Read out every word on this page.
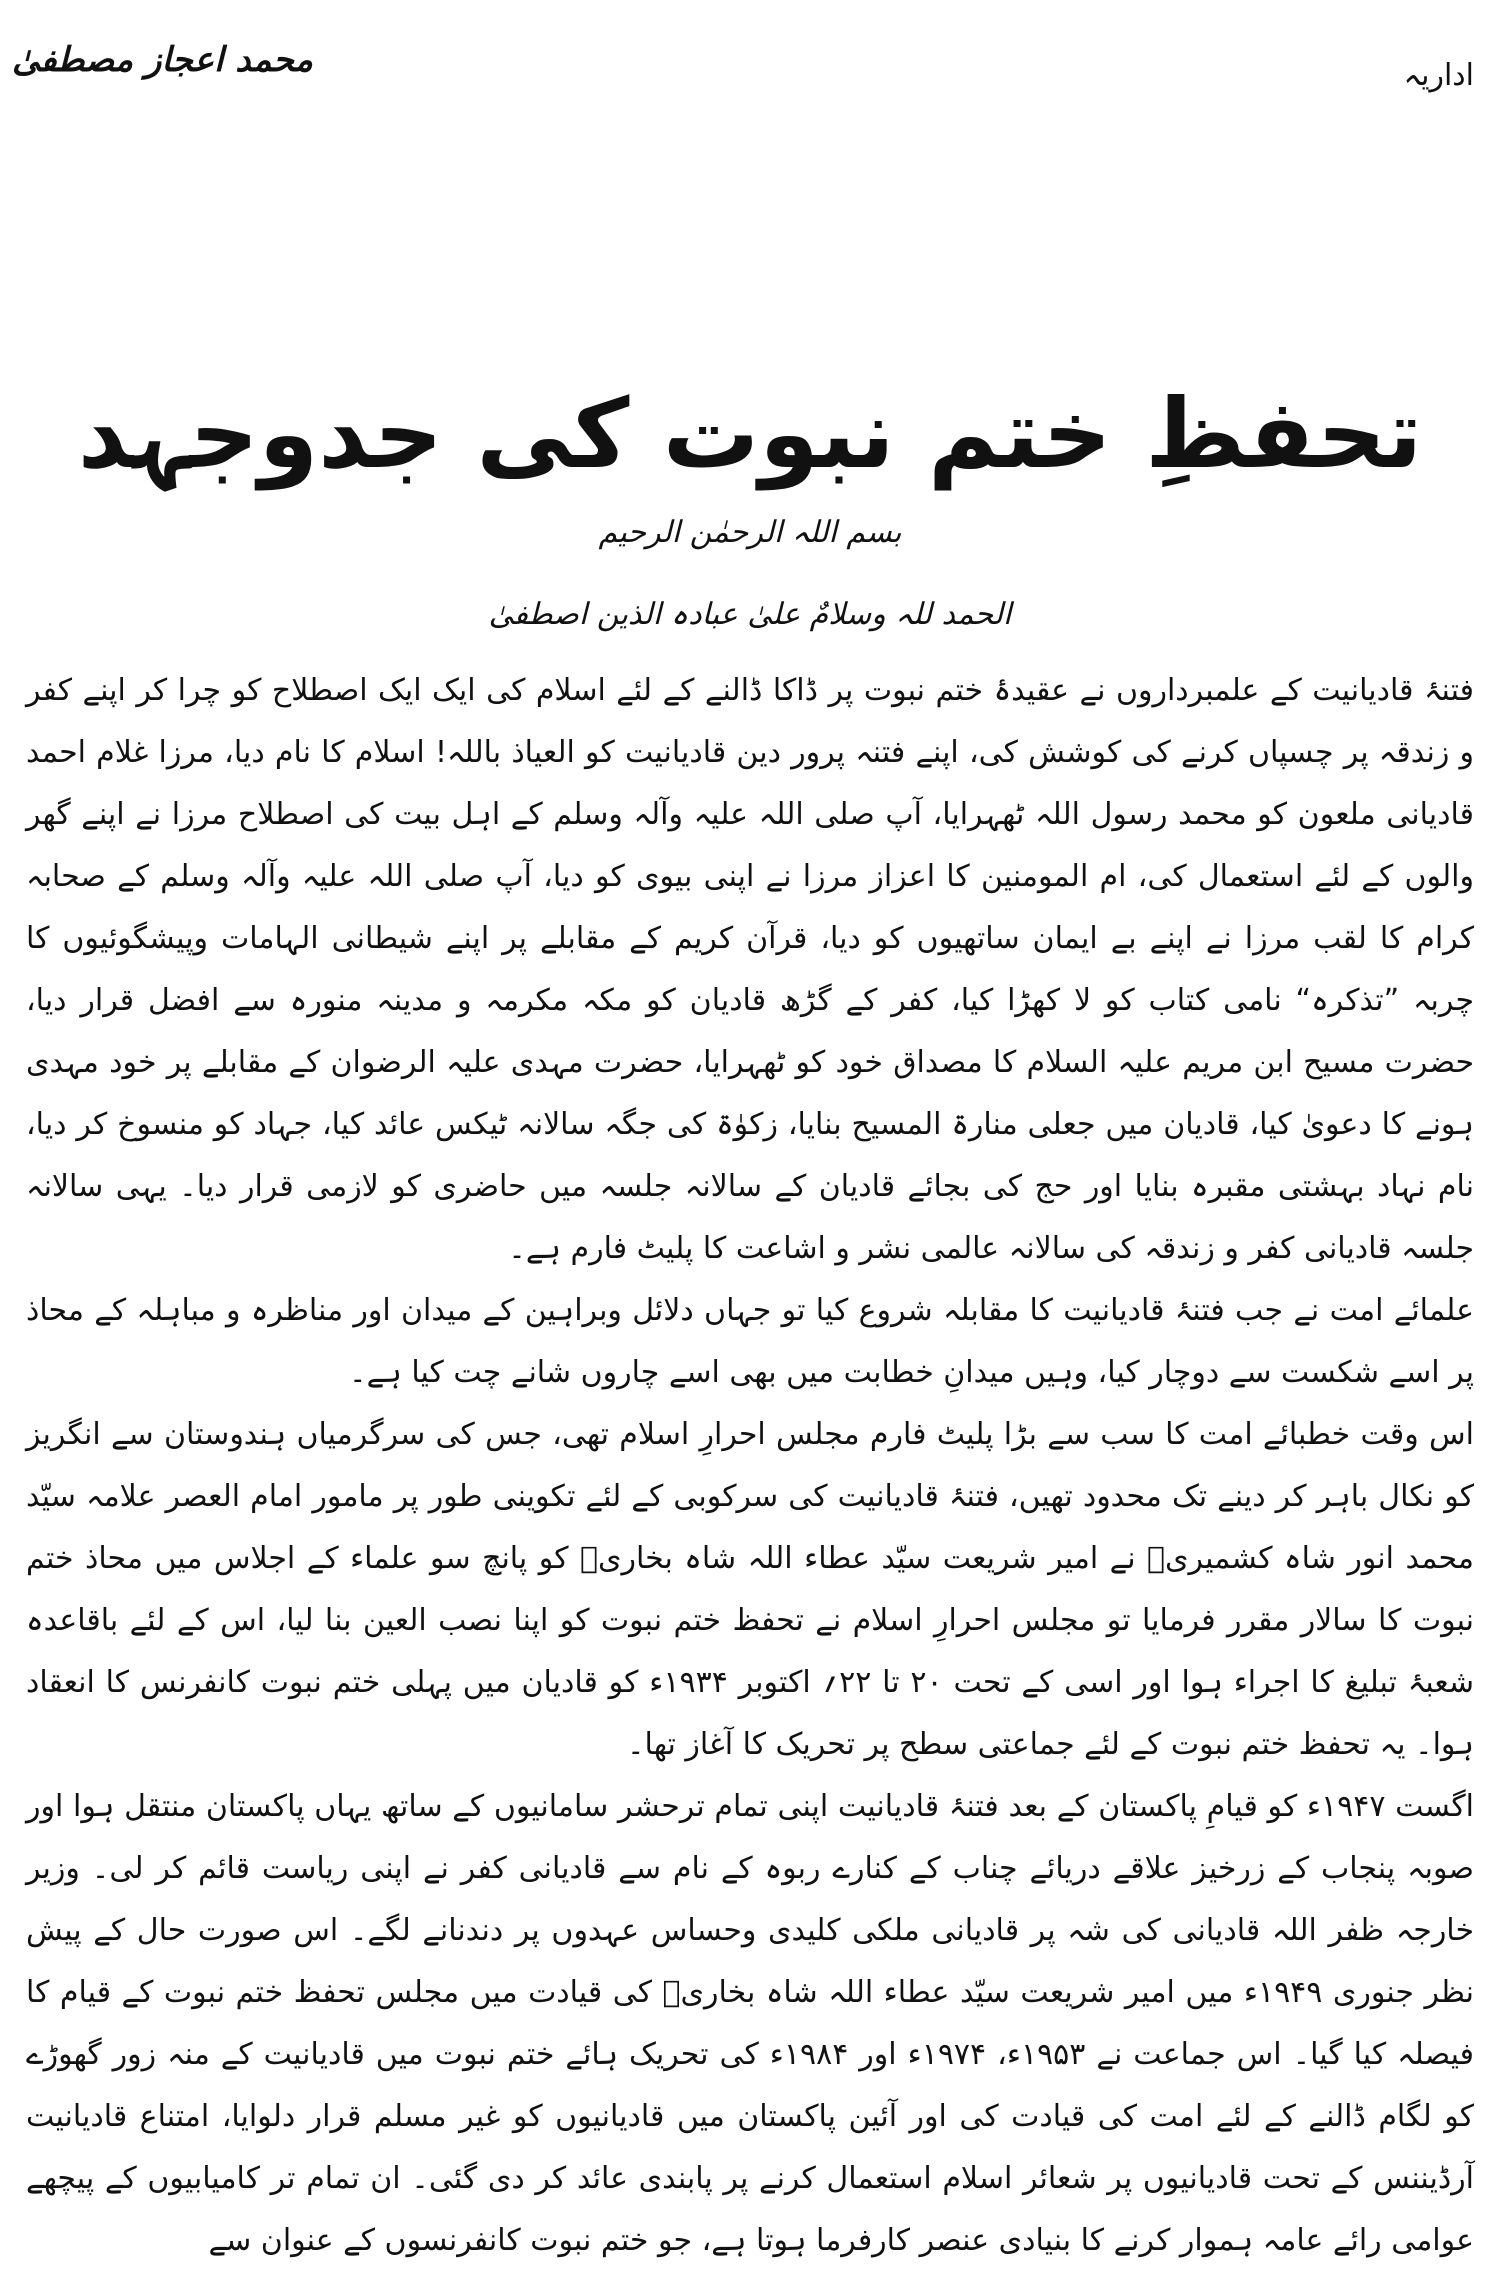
اداریہ
محمد اعجاز مصطفیٰ
تحفظِ ختم نبوت کی جدوجہد
بسم اللہ الرحمٰن الرحیم
الحمد للہ وسلامٌ علیٰ عبادہ الذین اصطفیٰ

فتنۂ قادیانیت کے علمبرداروں نے عقیدۂ ختم نبوت پر ڈاکا ڈالنے کے لئے اسلام کی ایک ایک اصطلاح کو چرا کر اپنے کفر و زندقہ پر چسپاں کرنے کی کوشش کی، اپنے فتنہ پرور دین قادیانیت کو العیاذ باللہ! اسلام کا نام دیا، مرزا غلام احمد قادیانی ملعون کو محمد رسول اللہ ٹھہرایا، آپ صلی اللہ علیہ وآلہ وسلم کے اہل بیت کی اصطلاح مرزا نے اپنے گھر والوں کے لئے استعمال کی، ام المومنین کا اعزاز مرزا نے اپنی بیوی کو دیا، آپ صلی اللہ علیہ وآلہ وسلم کے صحابہ کرام کا لقب مرزا نے اپنے بے ایمان ساتھیوں کو دیا، قرآن کریم کے مقابلے پر اپنے شیطانی الہامات وپیشگوئیوں کا چربہ ”تذکرہ“ نامی کتاب کو لا کھڑا کیا، کفر کے گڑھ قادیان کو مکہ مکرمہ و مدینہ منورہ سے افضل قرار دیا، حضرت مسیح ابن مریم علیہ السلام کا مصداق خود کو ٹھہرایا، حضرت مہدی علیہ الرضوان کے مقابلے پر خود مہدی ہونے کا دعویٰ کیا، قادیان میں جعلی منارۃ المسیح بنایا، زکوٰۃ کی جگہ سالانہ ٹیکس عائد کیا، جہاد کو منسوخ کر دیا، نام نہاد بہشتی مقبرہ بنایا اور حج کی بجائے قادیان کے سالانہ جلسہ میں حاضری کو لازمی قرار دیا۔ یہی سالانہ جلسہ قادیانی کفر و زندقہ کی سالانہ عالمی نشر و اشاعت کا پلیٹ فارم ہے۔

علمائے امت نے جب فتنۂ قادیانیت کا مقابلہ شروع کیا تو جہاں دلائل وبراہین کے میدان اور مناظرہ و مباہلہ کے محاذ پر اسے شکست سے دوچار کیا، وہیں میدانِ خطابت میں بھی اسے چاروں شانے چت کیا ہے۔

اس وقت خطبائے امت کا سب سے بڑا پلیٹ فارم مجلس احرارِ اسلام تھی، جس کی سرگرمیاں ہندوستان سے انگریز کو نکال باہر کر دینے تک محدود تھیں، فتنۂ قادیانیت کی سرکوبی کے لئے تکوینی طور پر مامور امام العصر علامہ سیّد محمد انور شاہ کشمیریؒ نے امیر شریعت سیّد عطاء اللہ شاہ بخاریؒ کو پانچ سو علماء کے اجلاس میں محاذ ختم نبوت کا سالار مقرر فرمایا تو مجلس احرارِ اسلام نے تحفظ ختم نبوت کو اپنا نصب العین بنا لیا، اس کے لئے باقاعدہ شعبۂ تبلیغ کا اجراء ہوا اور اسی کے تحت ۲۰ تا ۲۲؍ اکتوبر ۱۹۳۴ء کو قادیان میں پہلی ختم نبوت کانفرنس کا انعقاد ہوا۔ یہ تحفظ ختم نبوت کے لئے جماعتی سطح پر تحریک کا آغاز تھا۔

اگست ۱۹۴۷ء کو قیامِ پاکستان کے بعد فتنۂ قادیانیت اپنی تمام ترحشر سامانیوں کے ساتھ یہاں پاکستان منتقل ہوا اور صوبہ پنجاب کے زرخیز علاقے دریائے چناب کے کنارے ربوہ کے نام سے قادیانی کفر نے اپنی ریاست قائم کر لی۔ وزیر خارجہ ظفر اللہ قادیانی کی شہ پر قادیانی ملکی کلیدی وحساس عہدوں پر دندنانے لگے۔ اس صورت حال کے پیش نظر جنوری ۱۹۴۹ء میں امیر شریعت سیّد عطاء اللہ شاہ بخاریؒ کی قیادت میں مجلس تحفظ ختم نبوت کے قیام کا فیصلہ کیا گیا۔ اس جماعت نے ۱۹۵۳ء، ۱۹۷۴ء اور ۱۹۸۴ء کی تحریک ہائے ختم نبوت میں قادیانیت کے منہ زور گھوڑے کو لگام ڈالنے کے لئے امت کی قیادت کی اور آئین پاکستان میں قادیانیوں کو غیر مسلم قرار دلوایا، امتناع قادیانیت آرڈیننس کے تحت قادیانیوں پر شعائر اسلام استعمال کرنے پر پابندی عائد کر دی گئی۔ ان تمام تر کامیابیوں کے پیچھے عوامی رائے عامہ ہموار کرنے کا بنیادی عنصر کارفرما ہوتا ہے، جو ختم نبوت کانفرنسوں کے عنوان سے
